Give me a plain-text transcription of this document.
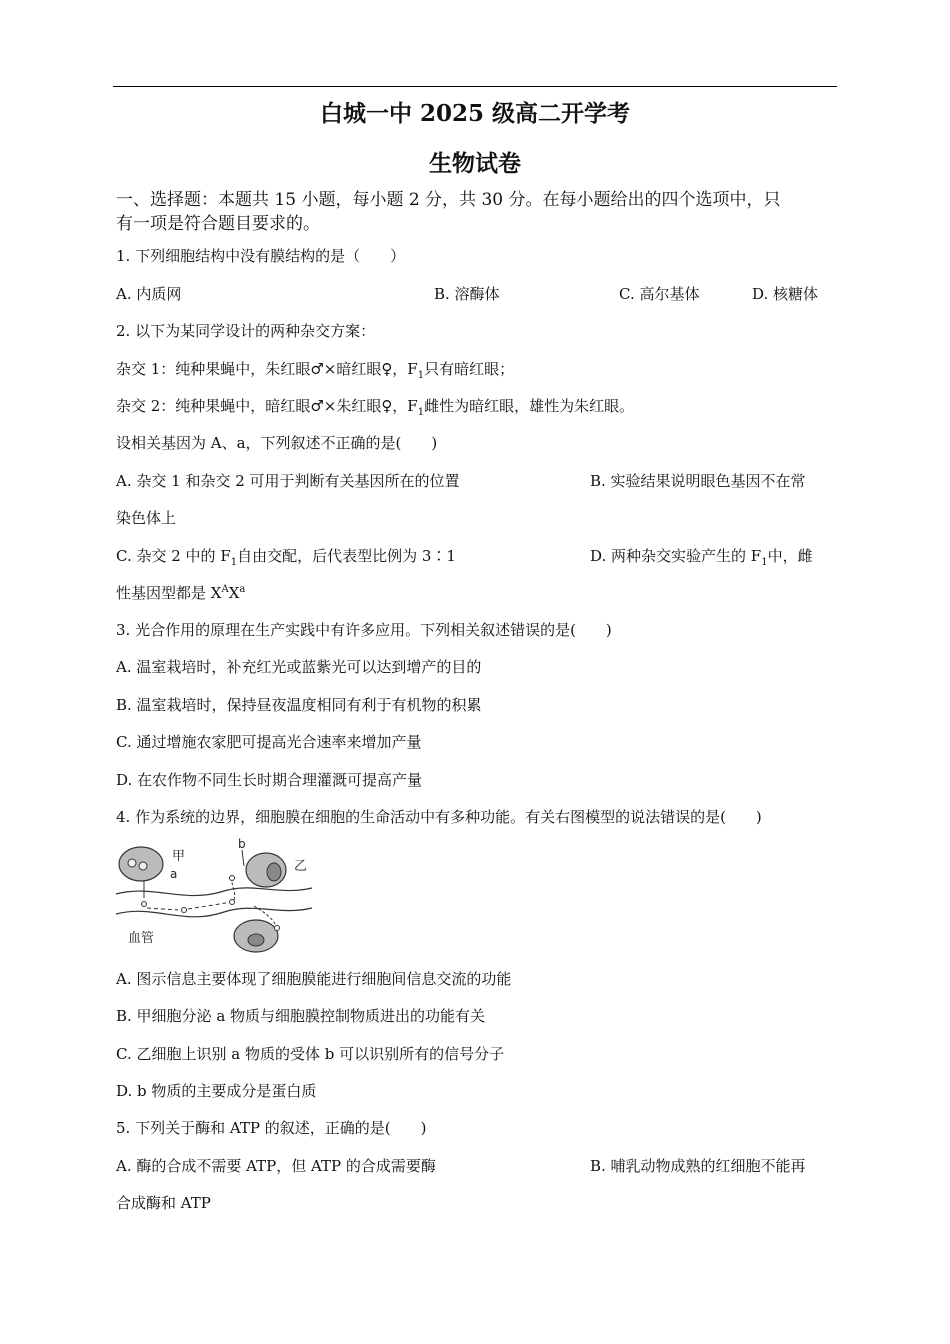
白城一中 2025 级高二开学考
生物试卷
一、选择题：本题共 15 小题，每小题 2 分，共 30 分。在每小题给出的四个选项中，只
有一项是符合题目要求的。
1. 下列细胞结构中没有膜结构的是（　　）
A. 内质网	B. 溶酶体	C. 高尔基体	D. 核糖体
2. 以下为某同学设计的两种杂交方案：
杂交 1：纯种果蝇中，朱红眼♂×暗红眼♀，$F_1$只有暗红眼；
杂交 2：纯种果蝇中，暗红眼♂×朱红眼♀，$F_1$雌性为暗红眼，雄性为朱红眼。
设相关基因为 A、a，下列叙述不正确的是(　　)
A. 杂交 1 和杂交 2 可用于判断有关基因所在的位置	B. 实验结果说明眼色基因不在常
染色体上
C. 杂交 2 中的 $F_1$自由交配，后代表型比例为 3∶1	D. 两种杂交实验产生的 $F_1$中，雌
性基因型都是 $X^AX^a$
3. 光合作用的原理在生产实践中有许多应用。下列相关叙述错误的是(　　)
A. 温室栽培时，补充红光或蓝紫光可以达到增产的目的
B. 温室栽培时，保持昼夜温度相同有利于有机物的积累
C. 通过增施农家肥可提高光合速率来增加产量
D. 在农作物不同生长时期合理灌溉可提高产量
4. 作为系统的边界，细胞膜在细胞的生命活动中有多种功能。有关右图模型的说法错误的是(　　)
甲
a
b
乙
血管
A. 图示信息主要体现了细胞膜能进行细胞间信息交流的功能
B. 甲细胞分泌 a 物质与细胞膜控制物质进出的功能有关
C. 乙细胞上识别 a 物质的受体 b 可以识别所有的信号分子
D. b 物质的主要成分是蛋白质
5. 下列关于酶和 ATP 的叙述，正确的是(　　)
A. 酶的合成不需要 ATP，但 ATP 的合成需要酶	B. 哺乳动物成熟的红细胞不能再
合成酶和 ATP
